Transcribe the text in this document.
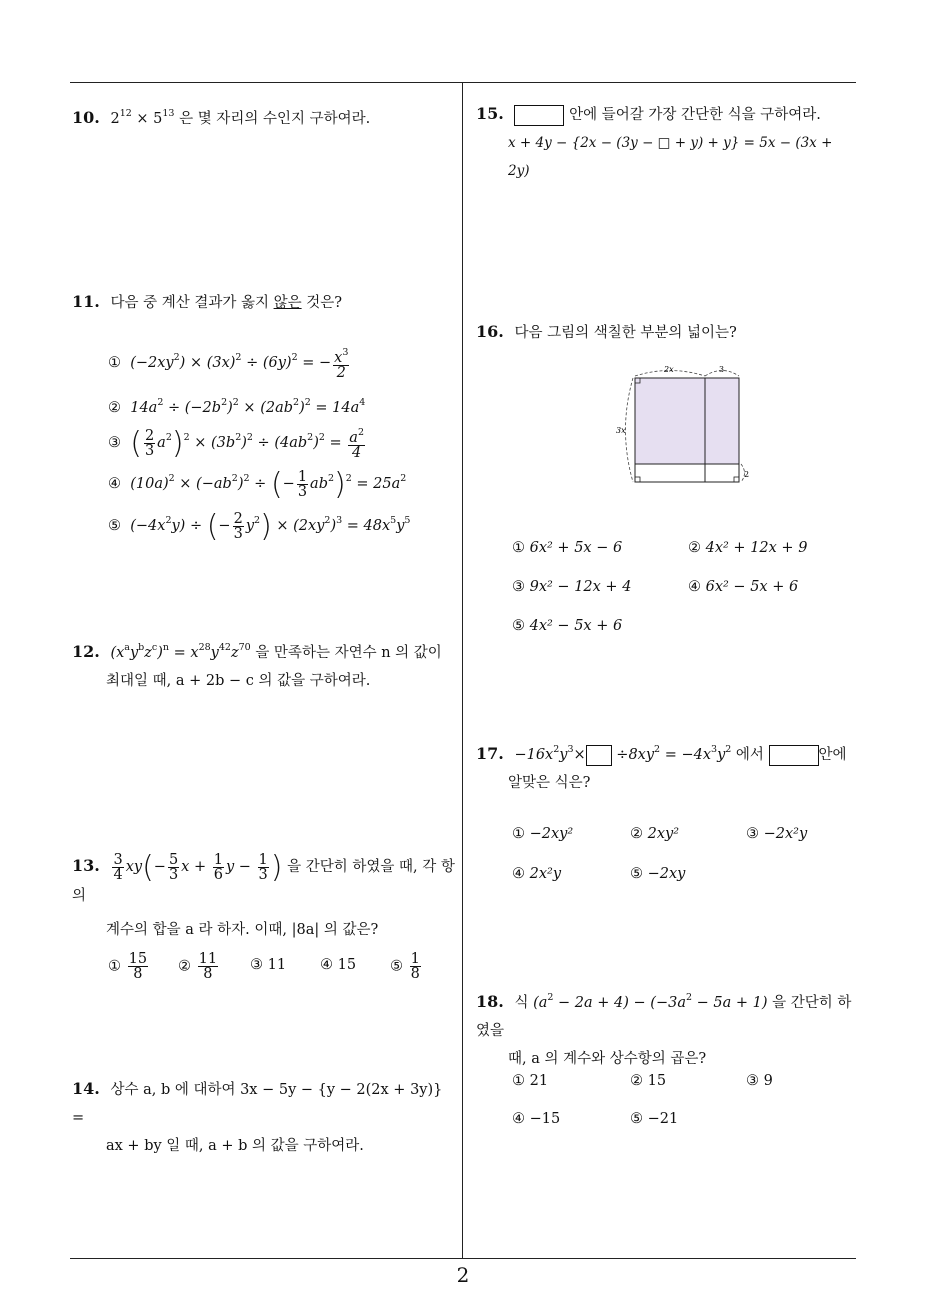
10. $2^{12} \times 5^{13}$ 은 몇 자리의 수인지 구하여라.
11. 다음 중 계산 결과가 옳지 않은 것은?
① $(-2xy^2) \times (3x)^2 \div (6y)^2$ = − $\frac{x^3}{2}$
② $14a^2 \div (-2b^2)^2 \times (2ab^2)^2 = 14a^4$
③ ( $\frac{2}{3} a^2)^2 \times (3b^2)^2 \div (4ab^2)^2 = \frac{a^2}{4}$
④ $(10a)^2 \times (-ab^2)^2$ ÷ (− $\frac{1}{3} ab^2)^2 = 25a^2$
⑤ $(-4x^2y)$ ÷ (− $\frac{2}{3} y^2) \times (2xy^2)^3 = 48x^5y^5$
12. $(x^ay^bz^c)^n = x^{28}y^{42}z^{70}$ 을 만족하는 자연수 n 의 값이
최대일 때, a + 2b − c 의 값을 구하여라.
13. $\frac{3}{4} xy(- \frac{5}{3}$ $x + \frac{1}{6}$ $y - \frac{1}{3}$ ) 을 간단히 하였을 때, 각 항의
계수의 합을 a 라 하자. 이때, |8a| 의 값은?
① $\frac{15}{8}$ ② $\frac{11}{8}$ ③ 11 ④ 15 ⑤ $\frac{1}{8}$
14. 상수 a, b 에 대하여 3x − 5y − {y − 2(2x + 3y)} =
ax + by 일 때, a + b 의 값을 구하여라.
15.	안에 들어갈 가장 간단한 식을 구하여라.
x + 4y − {2x − (3y − □ + y) + y} = 5x − (3x + 2y)
16. 다음 그림의 색칠한 부분의 넓이는?
2x	3
3x
2
① 6x² + 5x − 6	② 4x² + 12x + 9
③ 9x² − 12x + 4	④ 6x² − 5x + 6
⑤ 4x² − 5x + 6
17. $-16x^2y^3\times \div 8xy^2 = -4x^3y^2$ 에서	안에
알맞은 식은?
① −2xy²	② 2xy²	③ −2x²y
④ 2x²y	⑤ −2xy
18. 식 $(a^2 - 2a + 4) - (-3a^2 - 5a + 1)$ 을 간단히 하였을
때, a 의 계수와 상수항의 곱은?
① 21	② 15	③ 9
④ −15	⑤ −21
2
